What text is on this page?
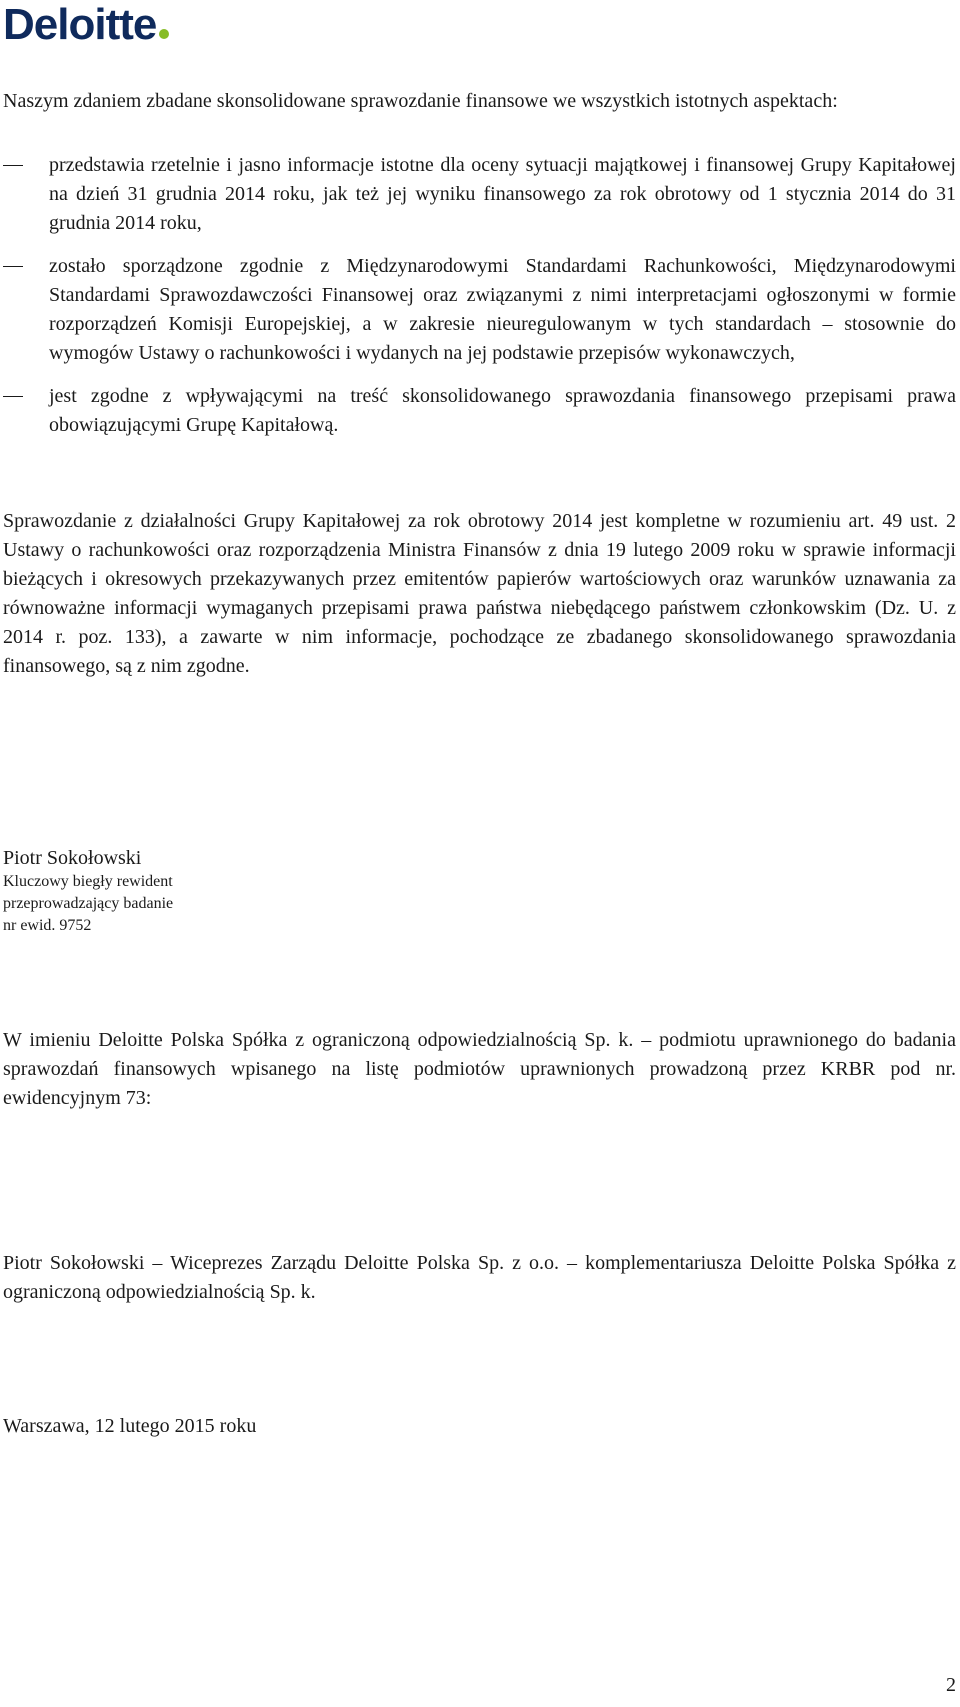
Deloitte

Naszym zdaniem zbadane skonsolidowane sprawozdanie finansowe we wszystkich istotnych aspektach:

przedstawia rzetelnie i jasno informacje istotne dla oceny sytuacji majątkowej i finansowej Grupy Kapitałowej na dzień 31 grudnia 2014 roku, jak też jej wyniku finansowego za rok obrotowy od 1 stycznia 2014 do 31 grudnia 2014 roku,
zostało sporządzone zgodnie z Międzynarodowymi Standardami Rachunkowości, Międzynarodowymi Standardami Sprawozdawczości Finansowej oraz związanymi z nimi interpretacjami ogłoszonymi w formie rozporządzeń Komisji Europejskiej, a w zakresie nieuregulowanym w tych standardach – stosownie do wymogów Ustawy o rachunkowości i wydanych na jej podstawie przepisów wykonawczych,
jest zgodne z wpływającymi na treść skonsolidowanego sprawozdania finansowego przepisami prawa obowiązującymi Grupę Kapitałową.

Sprawozdanie z działalności Grupy Kapitałowej za rok obrotowy 2014 jest kompletne w rozumieniu art. 49 ust. 2 Ustawy o rachunkowości oraz rozporządzenia Ministra Finansów z dnia 19 lutego 2009 roku w sprawie informacji bieżących i okresowych przekazywanych przez emitentów papierów wartościowych oraz warunków uznawania za równoważne informacji wymaganych przepisami prawa państwa niebędącego państwem członkowskim (Dz. U. z 2014 r. poz. 133), a zawarte w nim informacje, pochodzące ze zbadanego skonsolidowanego sprawozdania finansowego, są z nim zgodne.

Piotr Sokołowski
Kluczowy biegły rewident
przeprowadzający badanie
nr ewid. 9752

W imieniu Deloitte Polska Spółka z ograniczoną odpowiedzialnością Sp. k. – podmiotu uprawnionego do badania sprawozdań finansowych wpisanego na listę podmiotów uprawnionych prowadzoną przez KRBR pod nr. ewidencyjnym 73:

Piotr Sokołowski – Wiceprezes Zarządu Deloitte Polska Sp. z o.o. – komplementariusza Deloitte Polska Spółka z ograniczoną odpowiedzialnością Sp. k.

Warszawa, 12 lutego 2015 roku

2
